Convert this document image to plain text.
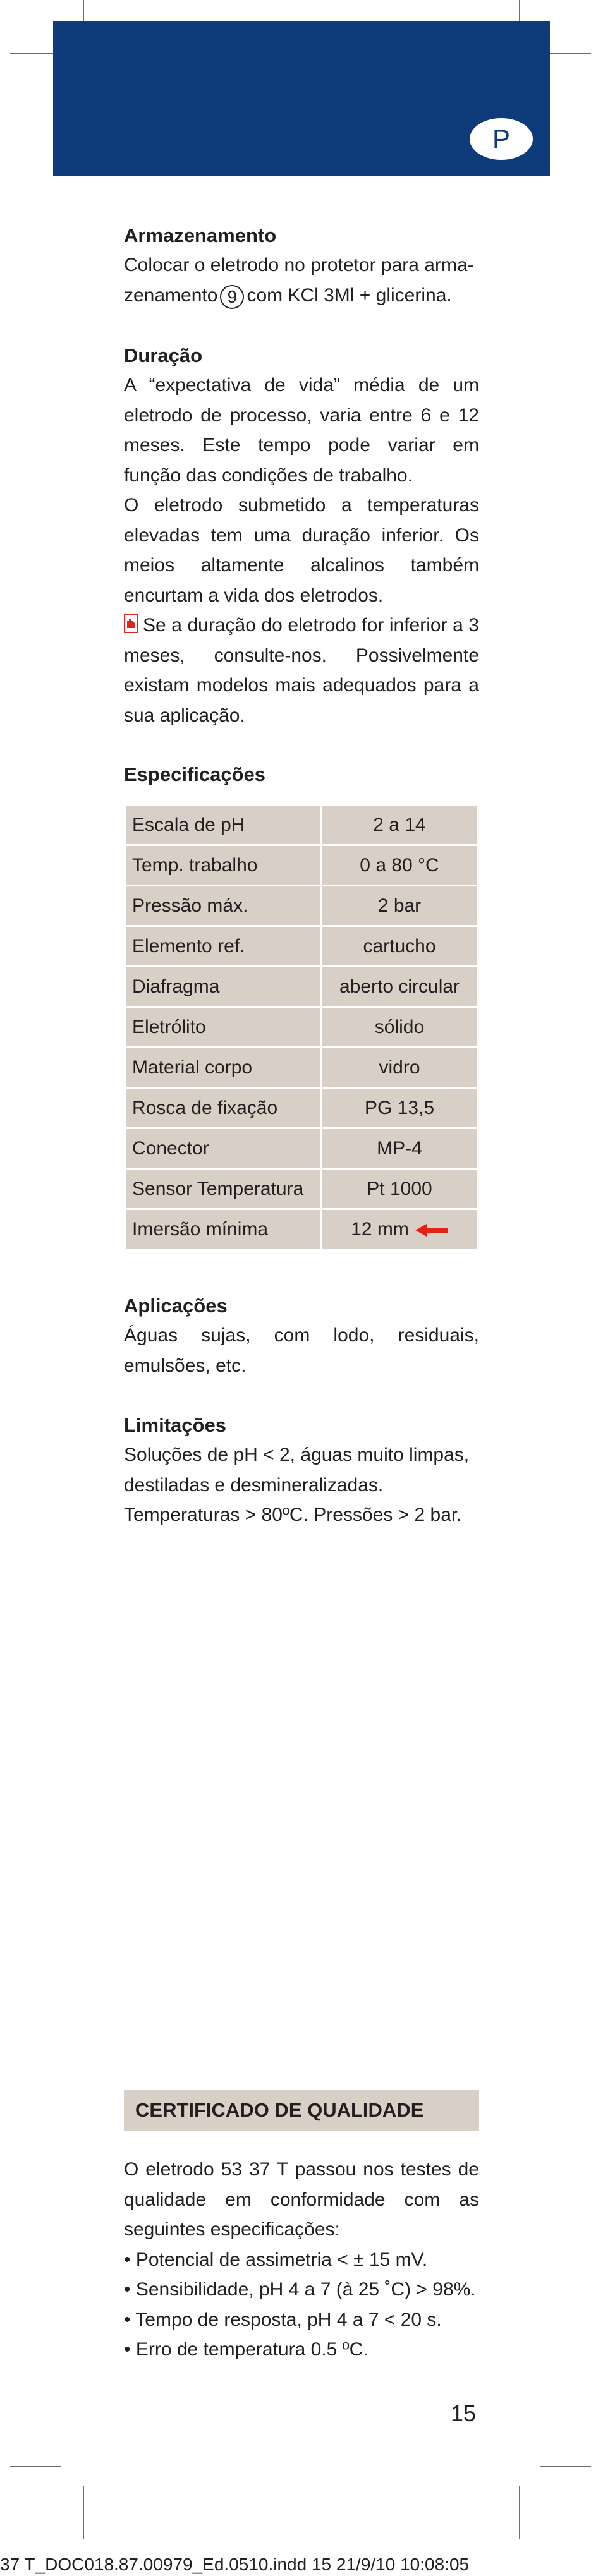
P
Armazenamento

Colocar o eletrodo no protetor para arma-
zenamento 9 com KCl 3Ml + glicerina.

Duração

A “expectativa de vida” média de um eletrodo de processo, varia entre 6 e 12 meses. Este tempo pode variar em função das condições de trabalho.

O eletrodo submetido a temperaturas elevadas tem uma duração inferior. Os meios altamente alcalinos também encurtam a vida dos eletrodos.

Se a duração do eletrodo for inferior a 3 meses, consulte-nos. Possivelmente existam modelos mais adequados para a sua aplicação.

Especificações
Escala de pH	2 a 14
Temp. trabalho	0 a 80 °C
Pressão máx.	2 bar
Elemento ref.	cartucho
Diafragma	aberto circular
Eletrólito	sólido
Material corpo	vidro
Rosca de fixação	PG 13,5
Conector	MP-4
Sensor Temperatura	Pt 1000
Imersão mínima	12 mm
Aplicações

Águas sujas, com lodo, residuais, emulsões, etc.

Limitações

Soluções de pH < 2, águas muito limpas,
destiladas e desmineralizadas.
Temperaturas > 80ºC. Pressões > 2 bar.

CERTIFICADO DE QUALIDADE

O eletrodo 53 37 T passou nos testes de qualidade em conformidade com as seguintes especificações:

• Potencial de assimetria < ± 15 mV.
• Sensibilidade, pH 4 a 7 (à 25 ˚C) > 98%.
• Tempo de resposta, pH 4 a 7 < 20 s.
• Erro de temperatura 0.5 ºC.
15
37 T_DOC018.87.00979_Ed.0510.indd 15 21/9/10 10:08:05
